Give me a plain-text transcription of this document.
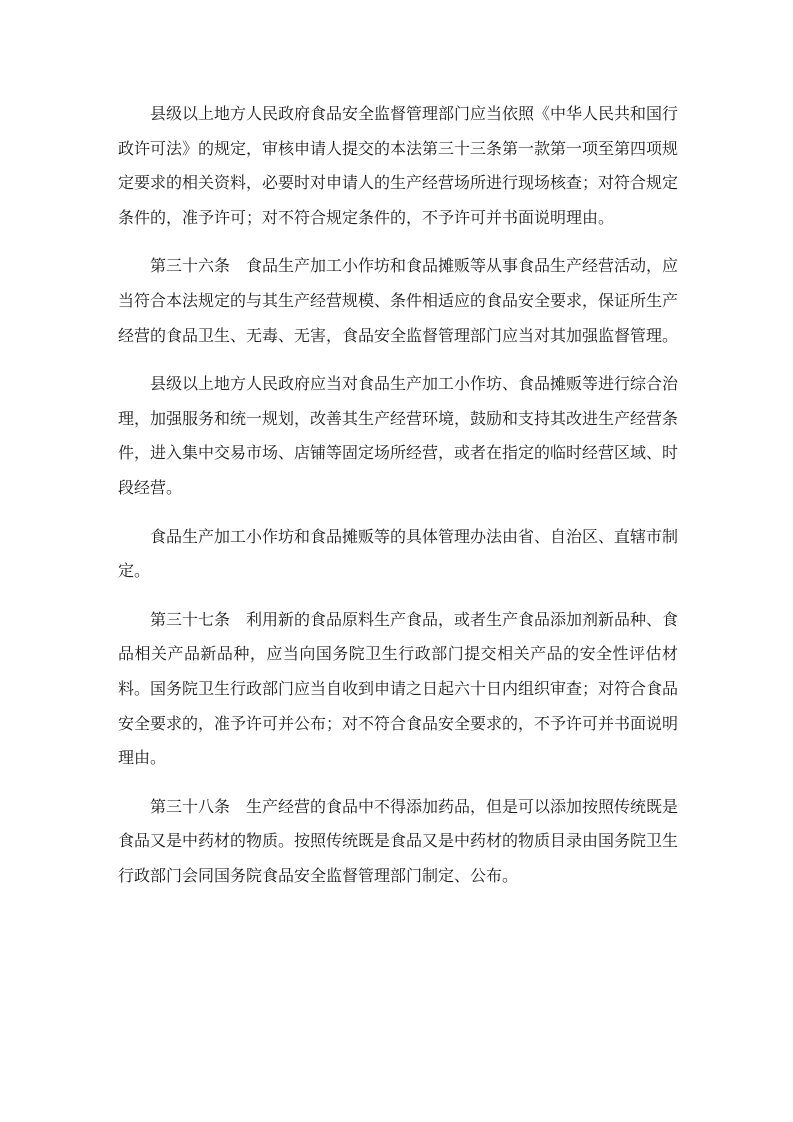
县级以上地方人民政府食品安全监督管理部门应当依照《中华人民共和国行政许可法》的规定，审核申请人提交的本法第三十三条第一款第一项至第四项规定要求的相关资料，必要时对申请人的生产经营场所进行现场核查；对符合规定条件的，准予许可；对不符合规定条件的，不予许可并书面说明理由。

第三十六条　食品生产加工小作坊和食品摊贩等从事食品生产经营活动，应当符合本法规定的与其生产经营规模、条件相适应的食品安全要求，保证所生产经营的食品卫生、无毒、无害，食品安全监督管理部门应当对其加强监督管理。

县级以上地方人民政府应当对食品生产加工小作坊、食品摊贩等进行综合治理，加强服务和统一规划，改善其生产经营环境，鼓励和支持其改进生产经营条件，进入集中交易市场、店铺等固定场所经营，或者在指定的临时经营区域、时段经营。

食品生产加工小作坊和食品摊贩等的具体管理办法由省、自治区、直辖市制定。

第三十七条　利用新的食品原料生产食品，或者生产食品添加剂新品种、食品相关产品新品种，应当向国务院卫生行政部门提交相关产品的安全性评估材料。国务院卫生行政部门应当自收到申请之日起六十日内组织审查；对符合食品安全要求的，准予许可并公布；对不符合食品安全要求的，不予许可并书面说明理由。

第三十八条　生产经营的食品中不得添加药品，但是可以添加按照传统既是食品又是中药材的物质。按照传统既是食品又是中药材的物质目录由国务院卫生行政部门会同国务院食品安全监督管理部门制定、公布。
